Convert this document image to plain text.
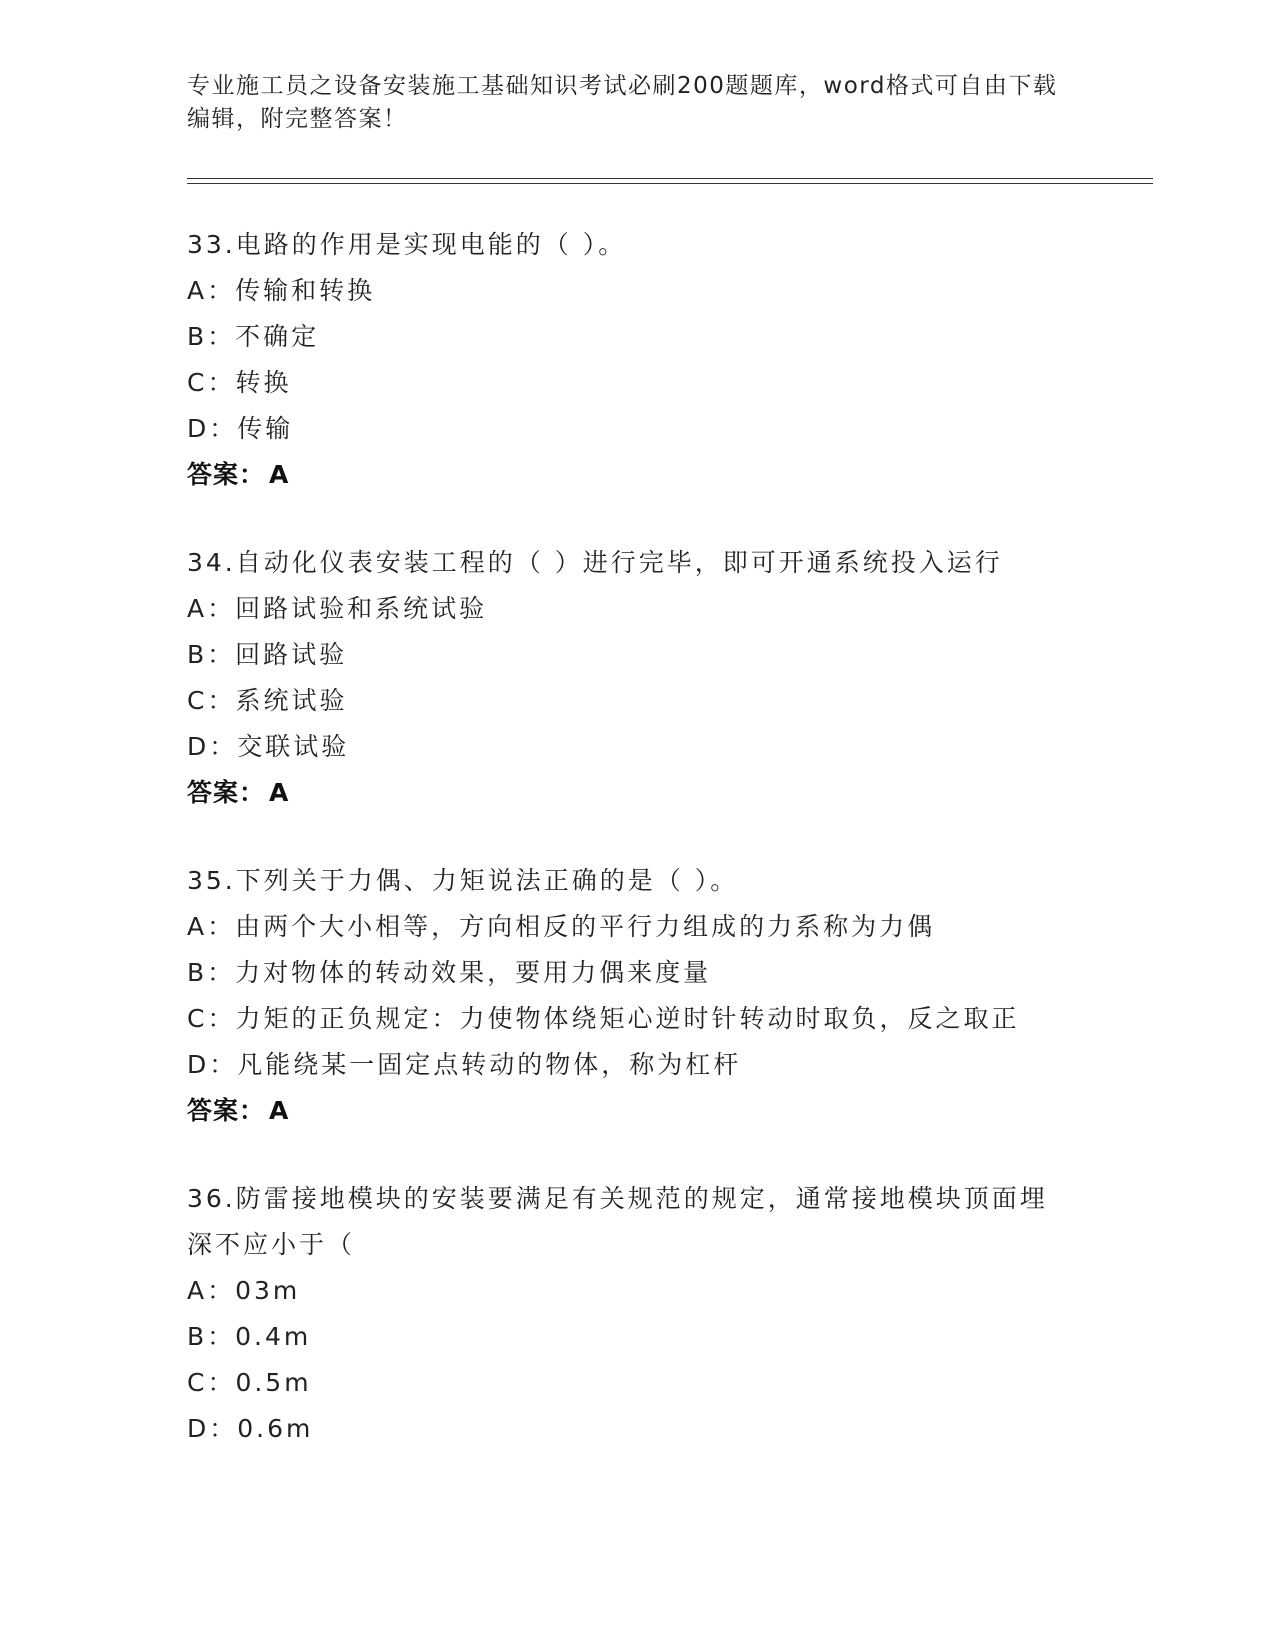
专业施工员之设备安装施工基础知识考试必刷200题题库，word格式可自由下载编辑，附完整答案！
33.电路的作用是实现电能的（ ）。
A：传输和转换
B：不确定
C：转换
D：传输
答案： A
34.自动化仪表安装工程的（ ）进行完毕，即可开通系统投入运行
A：回路试验和系统试验
B：回路试验
C：系统试验
D：交联试验
答案： A
35.下列关于力偶、力矩说法正确的是（ ）。
A：由两个大小相等，方向相反的平行力组成的力系称为力偶
B：力对物体的转动效果，要用力偶来度量
C：力矩的正负规定：力使物体绕矩心逆时针转动时取负，反之取正
D：凡能绕某一固定点转动的物体，称为杠杆
答案： A
36.防雷接地模块的安装要满足有关规范的规定，通常接地模块顶面埋
深不应小于（
A：03m
B：0.4m
C：0.5m
D：0.6m
